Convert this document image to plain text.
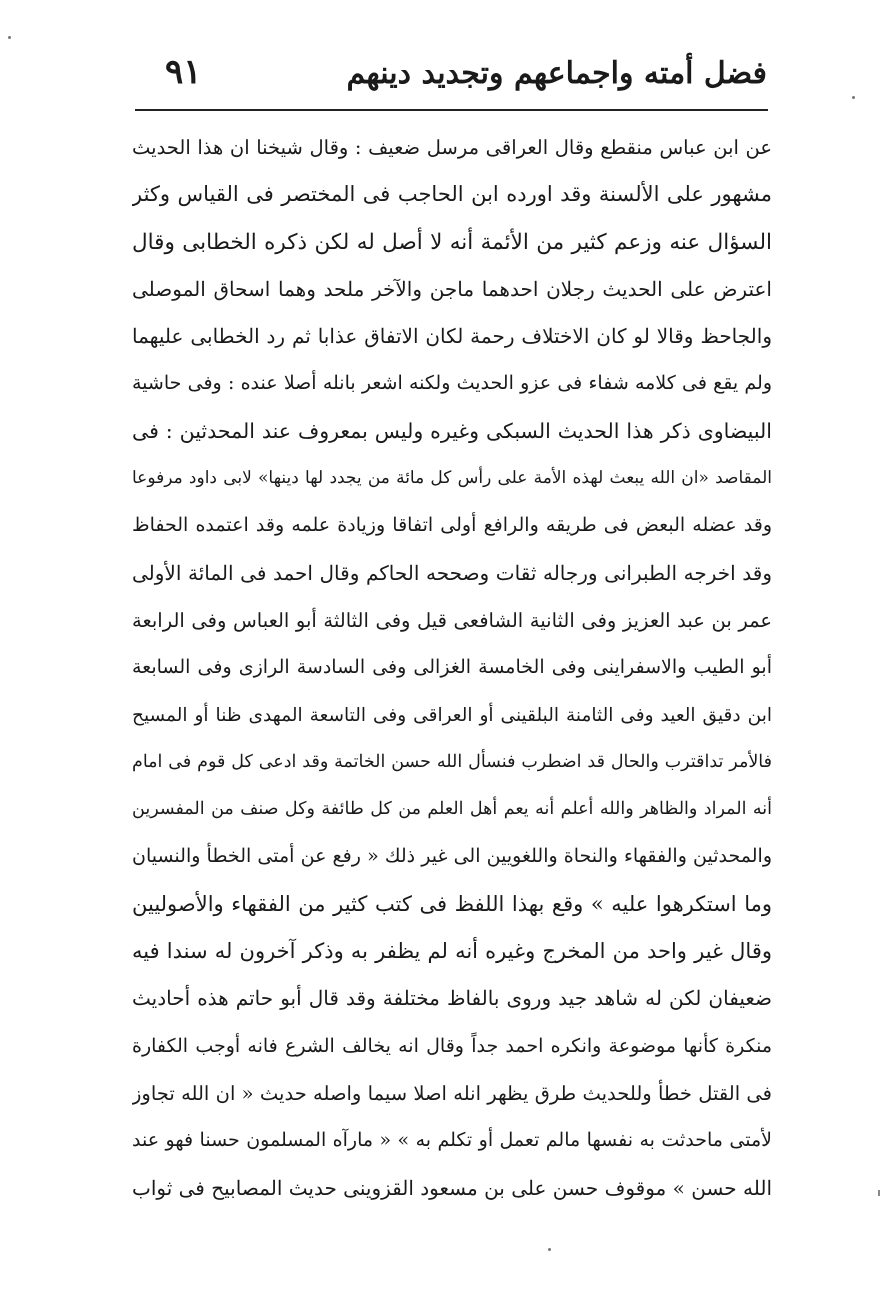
فضل أمته واجماعهم وتجديد دينهم
٩١
عن ابن عباس منقطع وقال العراقى مرسل ضعيف : وقال شيخنا ان هذا الحديث
مشهور على الألسنة وقد اورده ابن الحاجب فى المختصر فى القياس وكثر
السؤال عنه وزعم كثير من الأئمة أنه لا أصل له لكن ذكره الخطابى وقال
اعترض على الحديث رجلان احدهما ماجن والآخر ملحد وهما اسحاق الموصلى
والجاحظ وقالا لو كان الاختلاف رحمة لكان الاتفاق عذابا ثم رد الخطابى عليهما
ولم يقع فى كلامه شفاء فى عزو الحديث ولكنه اشعر بانله أصلا عنده : وفى حاشية
البيضاوى ذكر هذا الحديث السبكى وغيره وليس بمعروف عند المحدثين : فى
المقاصد «ان الله يبعث لهذه الأمة على رأس كل مائة من يجدد لها دينها» لابى داود مرفوعا
وقد عضله البعض فى طريقه والرافع أولى اتفاقا وزيادة علمه وقد اعتمده الحفاظ
وقد اخرجه الطبرانى ورجاله ثقات وصححه الحاكم وقال احمد فى المائة الأولى
عمر بن عبد العزيز وفى الثانية الشافعى قيل وفى الثالثة أبو العباس وفى الرابعة
أبو الطيب والاسفراينى وفى الخامسة الغزالى وفى السادسة الرازى وفى السابعة
ابن دقيق العيد وفى الثامنة البلقينى أو العراقى وفى التاسعة المهدى ظنا أو المسيح
فالأمر تداقترب والحال قد اضطرب فنسأل الله حسن الخاتمة وقد ادعى كل قوم فى امام
أنه المراد والظاهر والله أعلم أنه يعم أهل العلم من كل طائفة وكل صنف من المفسرين
والمحدثين والفقهاء والنحاة واللغويين الى غير ذلك « رفع عن أمتى الخطأ والنسيان
وما استكرهوا عليه » وقع بهذا اللفظ فى كتب كثير من الفقهاء والأصوليين
وقال غير واحد من المخرج وغيره أنه لم يظفر به وذكر آخرون له سندا فيه
ضعيفان لكن له شاهد جيد وروى بالفاظ مختلفة وقد قال أبو حاتم هذه أحاديث
منكرة كأنها موضوعة وانكره احمد جداً وقال انه يخالف الشرع فانه أوجب الكفارة
فى القتل خطأ وللحديث طرق يظهر انله اصلا سيما واصله حديث « ان الله تجاوز
لأمتى ماحدثت به نفسها مالم تعمل أو تكلم به » « مارآه المسلمون حسنا فهو عند
الله حسن » موقوف حسن على بن مسعود القزوينى حديث المصابيح فى ثواب
